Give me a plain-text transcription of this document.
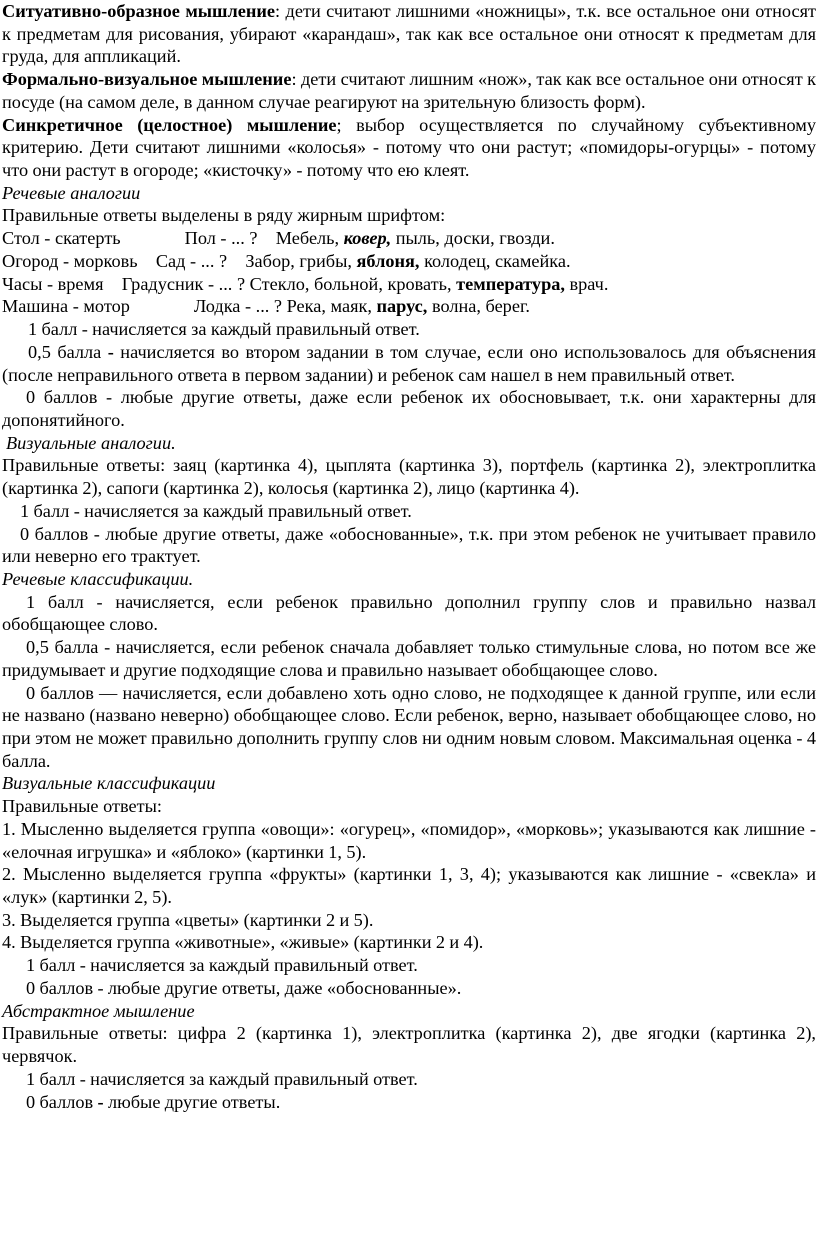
Ситуативно-образное мышление: дети считают лишними «ножницы», т.к. все остальное они относят к предметам для рисования, убирают «карандаш», так как все остальное они относят к предметам для груда, для аппликаций.

Формально-визуальное мышление: дети считают лишним «нож», так как все остальное они относят к посуде (на самом деле, в данном случае реагируют на зрительную близость форм).

Синкретичное (целостное) мышление; выбор осуществляется по случайному субъективному критерию. Дети считают лишними «колосья» - потому что они растут; «помидоры-огурцы» - потому что они растут в огороде; «кисточку» - потому что ею клеят.

Речевые аналогии

Правильные ответы выделены в ряду жирным шрифтом:

Стол - скатерть              Пол - ... ?    Мебель, ковер, пыль, доски, гвозди.

Огород - морковь    Сад - ... ?    Забор, грибы, яблоня, колодец, скамейка.

Часы - время    Градусник - ... ? Стекло, больной, кровать, температура, врач.

Машина - мотор              Лодка - ... ? Река, маяк, парус, волна, берег.

1 балл - начисляется за каждый правильный ответ.

0,5 балла - начисляется во втором задании в том случае, если оно использовалось для объяснения (после неправильного ответа в первом задании) и ребенок сам нашел в нем правильный ответ.

0 баллов - любые другие ответы, даже если ребенок их обосновывает, т.к. они характерны для допонятийного.

Визуальные аналогии.

Правильные ответы: заяц (картинка 4), цыплята (картинка 3), портфель (картинка 2), электроплитка (картинка 2), сапоги (картинка 2), колосья (картинка 2), лицо (картинка 4).

1 балл - начисляется за каждый правильный ответ.

0 баллов - любые другие ответы, даже «обоснованные», т.к. при этом ребенок не учитывает правило или неверно его трактует.

Речевые классификации.

1 балл - начисляется, если ребенок правильно дополнил группу слов и правильно назвал обобщающее слово.

0,5 балла - начисляется, если ребенок сначала добавляет только стимульные слова, но потом все же придумывает и другие подходящие слова и правильно называет обобщающее слово.

0 баллов — начисляется, если добавлено хоть одно слово, не подходящее к данной группе, или если не названо (названо неверно) обобщающее слово. Если ребенок, верно, называет обобщающее слово, но при этом не может правильно дополнить группу слов ни одним новым словом. Максимальная оценка - 4 балла.

Визуальные классификации

Правильные ответы:

1. Мысленно выделяется группа «овощи»: «огурец», «помидор», «морковь»; указываются как лишние - «елочная игрушка» и «яблоко» (картинки 1, 5).

2. Мысленно выделяется группа «фрукты» (картинки 1, 3, 4); указываются как лишние - «свекла» и «лук» (картинки 2, 5).

3. Выделяется группа «цветы» (картинки 2 и 5).

4. Выделяется группа «животные», «живые» (картинки 2 и 4).

1 балл - начисляется за каждый правильный ответ.

0 баллов - любые другие ответы, даже «обоснованные».

Абстрактное мышление

Правильные ответы: цифра 2 (картинка 1), электроплитка (картинка 2), две ягодки (картинка 2), червячок.

1 балл - начисляется за каждый правильный ответ.

0 баллов - любые другие ответы.
